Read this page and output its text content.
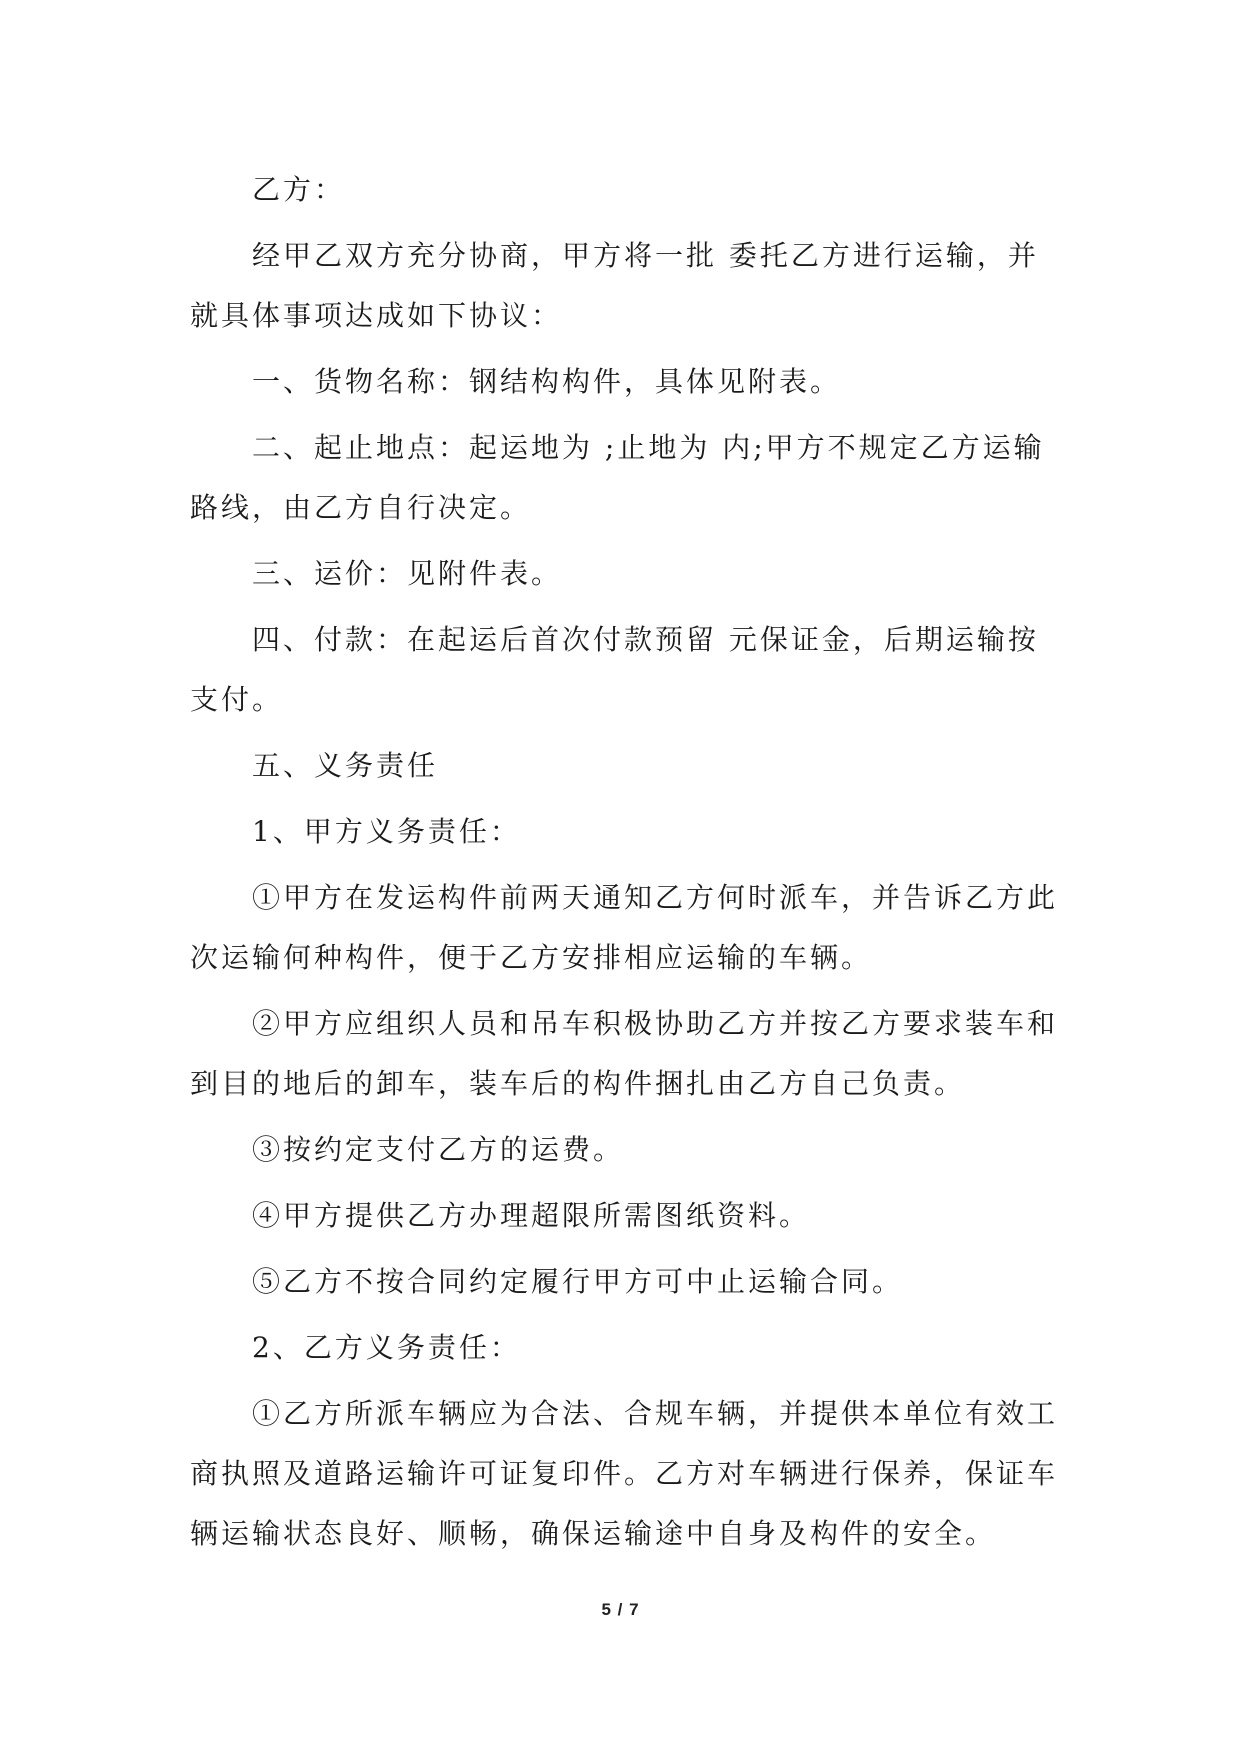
乙方：

经甲乙双方充分协商，甲方将一批 委托乙方进行运输，并就具体事项达成如下协议：

一、货物名称：钢结构构件，具体见附表。

二、起止地点：起运地为 ;止地为 内;甲方不规定乙方运输路线，由乙方自行决定。

三、运价：见附件表。

四、付款：在起运后首次付款预留 元保证金，后期运输按 支付。

五、义务责任

1、甲方义务责任：

①甲方在发运构件前两天通知乙方何时派车，并告诉乙方此次运输何种构件，便于乙方安排相应运输的车辆。

②甲方应组织人员和吊车积极协助乙方并按乙方要求装车和到目的地后的卸车，装车后的构件捆扎由乙方自己负责。

③按约定支付乙方的运费。

④甲方提供乙方办理超限所需图纸资料。

⑤乙方不按合同约定履行甲方可中止运输合同。

2、乙方义务责任：

①乙方所派车辆应为合法、合规车辆，并提供本单位有效工商执照及道路运输许可证复印件。乙方对车辆进行保养，保证车辆运输状态良好、顺畅，确保运输途中自身及构件的安全。

5 / 7
